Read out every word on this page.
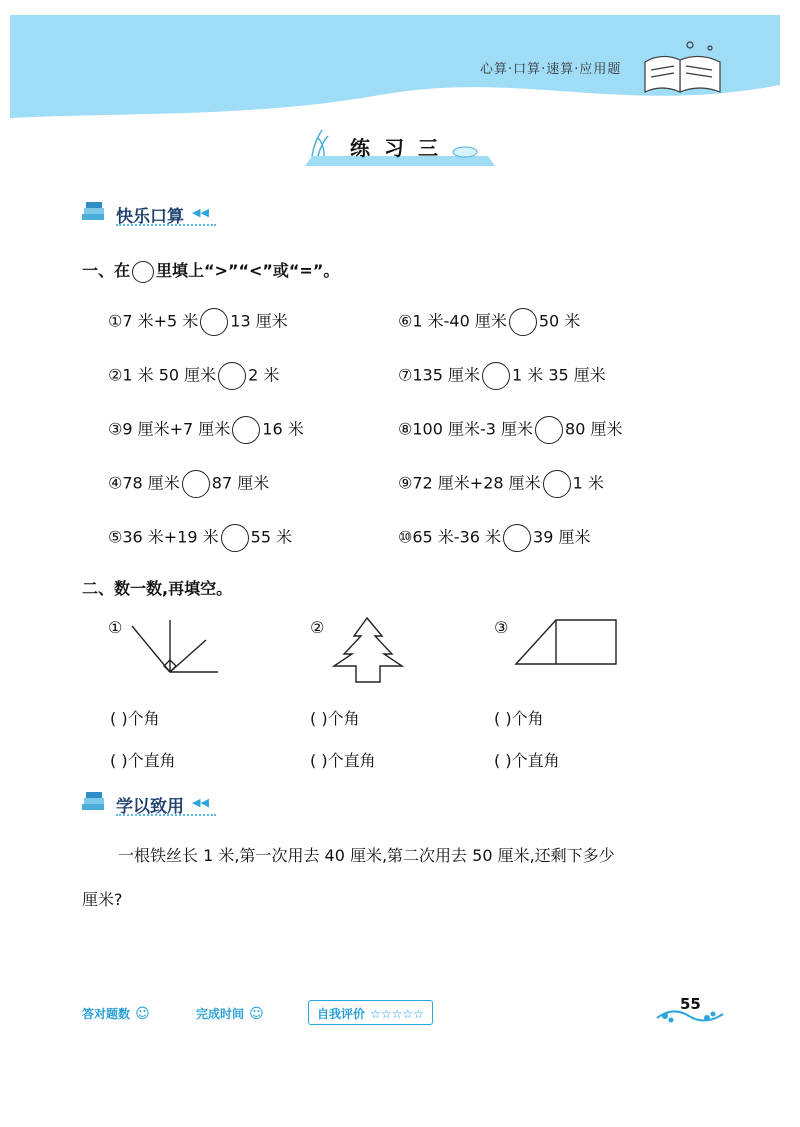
心算·口算·速算·应用题
练习三
快乐口算 ◀◀
一、在 里填上“>”“<”或“=”。
①7 米+5 米 13 厘米
②1 米 50 厘米 2 米
③9 厘米+7 厘米 16 米
④78 厘米 87 厘米
⑤36 米+19 米 55 米
⑥1 米-40 厘米 50 米
⑦135 厘米 1 米 35 厘米
⑧100 厘米-3 厘米 80 厘米
⑨72 厘米+28 厘米 1 米
⑩65 米-36 米 39 厘米
二、数一数,再填空。
①	②	③
( )个角	( )个角	( )个角
( )个直角	( )个直角	( )个直角
学以致用 ◀◀
一根铁丝长 1 米,第一次用去 40 厘米,第二次用去 50 厘米,还剩下多少
厘米?
答对题数 ☺	完成时间 ☺	自我评价 ☆☆☆☆☆
55
